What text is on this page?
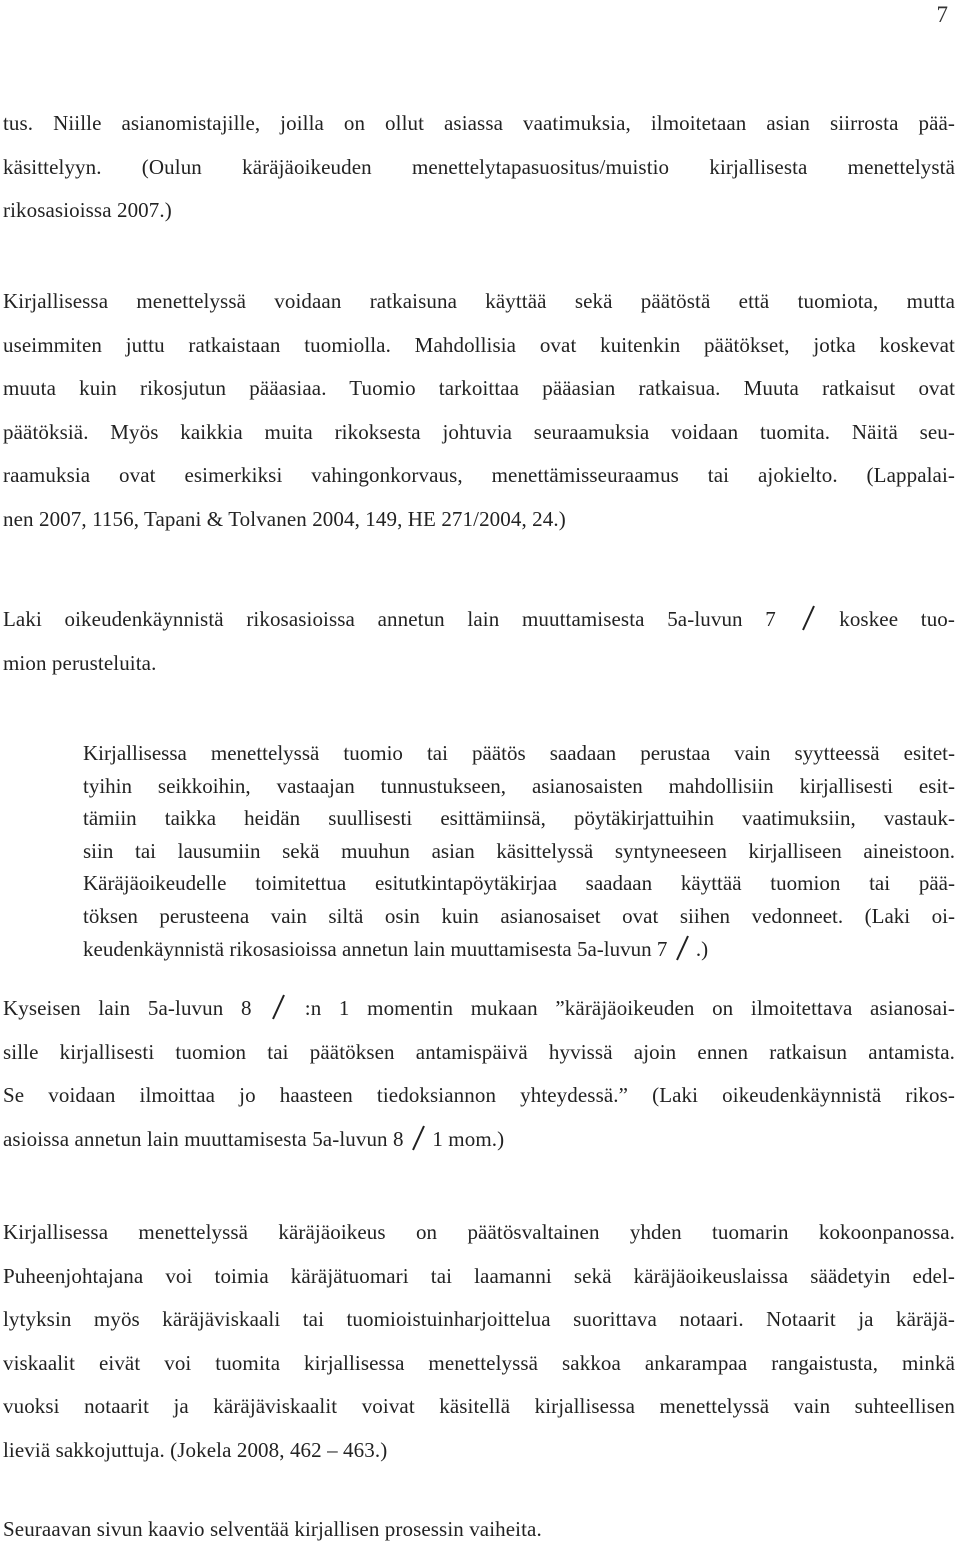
7
tus. Niille asianomistajille, joilla on ollut asiassa vaatimuksia, ilmoitetaan asian siirrosta pää-
käsittelyyn. (Oulun käräjäoikeuden menettelytapasuositus/muistio kirjallisesta menettelystä
rikosasioissa 2007.)
Kirjallisessa menettelyssä voidaan ratkaisuna käyttää sekä päätöstä että tuomiota, mutta
useimmiten juttu ratkaistaan tuomiolla. Mahdollisia ovat kuitenkin päätökset, jotka koskevat
muuta kuin rikosjutun pääasiaa. Tuomio tarkoittaa pääasian ratkaisua. Muuta ratkaisut ovat
päätöksiä. Myös kaikkia muita rikoksesta johtuvia seuraamuksia voidaan tuomita. Näitä seu-
raamuksia ovat esimerkiksi vahingonkorvaus, menettämisseuraamus tai ajokielto. (Lappalai-
nen 2007, 1156, Tapani & Tolvanen 2004, 149, HE 271/2004, 24.)
Laki oikeudenkäynnistä rikosasioissa annetun lain muuttamisesta 5a-luvun 7	koskee tuo-
mion perusteluita.
Kirjallisessa menettelyssä tuomio tai päätös saadaan perustaa vain syytteessä esitet-
tyihin seikkoihin, vastaajan tunnustukseen, asianosaisten mahdollisiin kirjallisesti esit-
tämiin taikka heidän suullisesti esittämiinsä, pöytäkirjattuihin vaatimuksiin, vastauk-
siin tai lausumiin sekä muuhun asian käsittelyssä syntyneeseen kirjalliseen aineistoon.
Käräjäoikeudelle toimitettua esitutkintapöytäkirjaa saadaan käyttää tuomion tai pää-
töksen perusteena vain siltä osin kuin asianosaiset ovat siihen vedonneet. (Laki oi-
keudenkäynnistä rikosasioissa annetun lain muuttamisesta 5a-luvun 7 .)
Kyseisen lain 5a-luvun 8	:n 1 momentin mukaan ”käräjäoikeuden on ilmoitettava asianosai-
sille kirjallisesti tuomion tai päätöksen antamispäivä hyvissä ajoin ennen ratkaisun antamista.
Se voidaan ilmoittaa jo haasteen tiedoksiannon yhteydessä.” (Laki oikeudenkäynnistä rikos-
asioissa annetun lain muuttamisesta 5a-luvun 8 1 mom.)
Kirjallisessa menettelyssä käräjäoikeus on päätösvaltainen yhden tuomarin kokoonpanossa.
Puheenjohtajana voi toimia käräjätuomari tai laamanni sekä käräjäoikeuslaissa säädetyin edel-
lytyksin myös käräjäviskaali tai tuomioistuinharjoittelua suorittava notaari. Notaarit ja käräjä-
viskaalit eivät voi tuomita kirjallisessa menettelyssä sakkoa ankarampaa rangaistusta, minkä
vuoksi notaarit ja käräjäviskaalit voivat käsitellä kirjallisessa menettelyssä vain suhteellisen
lieviä sakkojuttuja. (Jokela 2008, 462 – 463.)
Seuraavan sivun kaavio selventää kirjallisen prosessin vaiheita.
